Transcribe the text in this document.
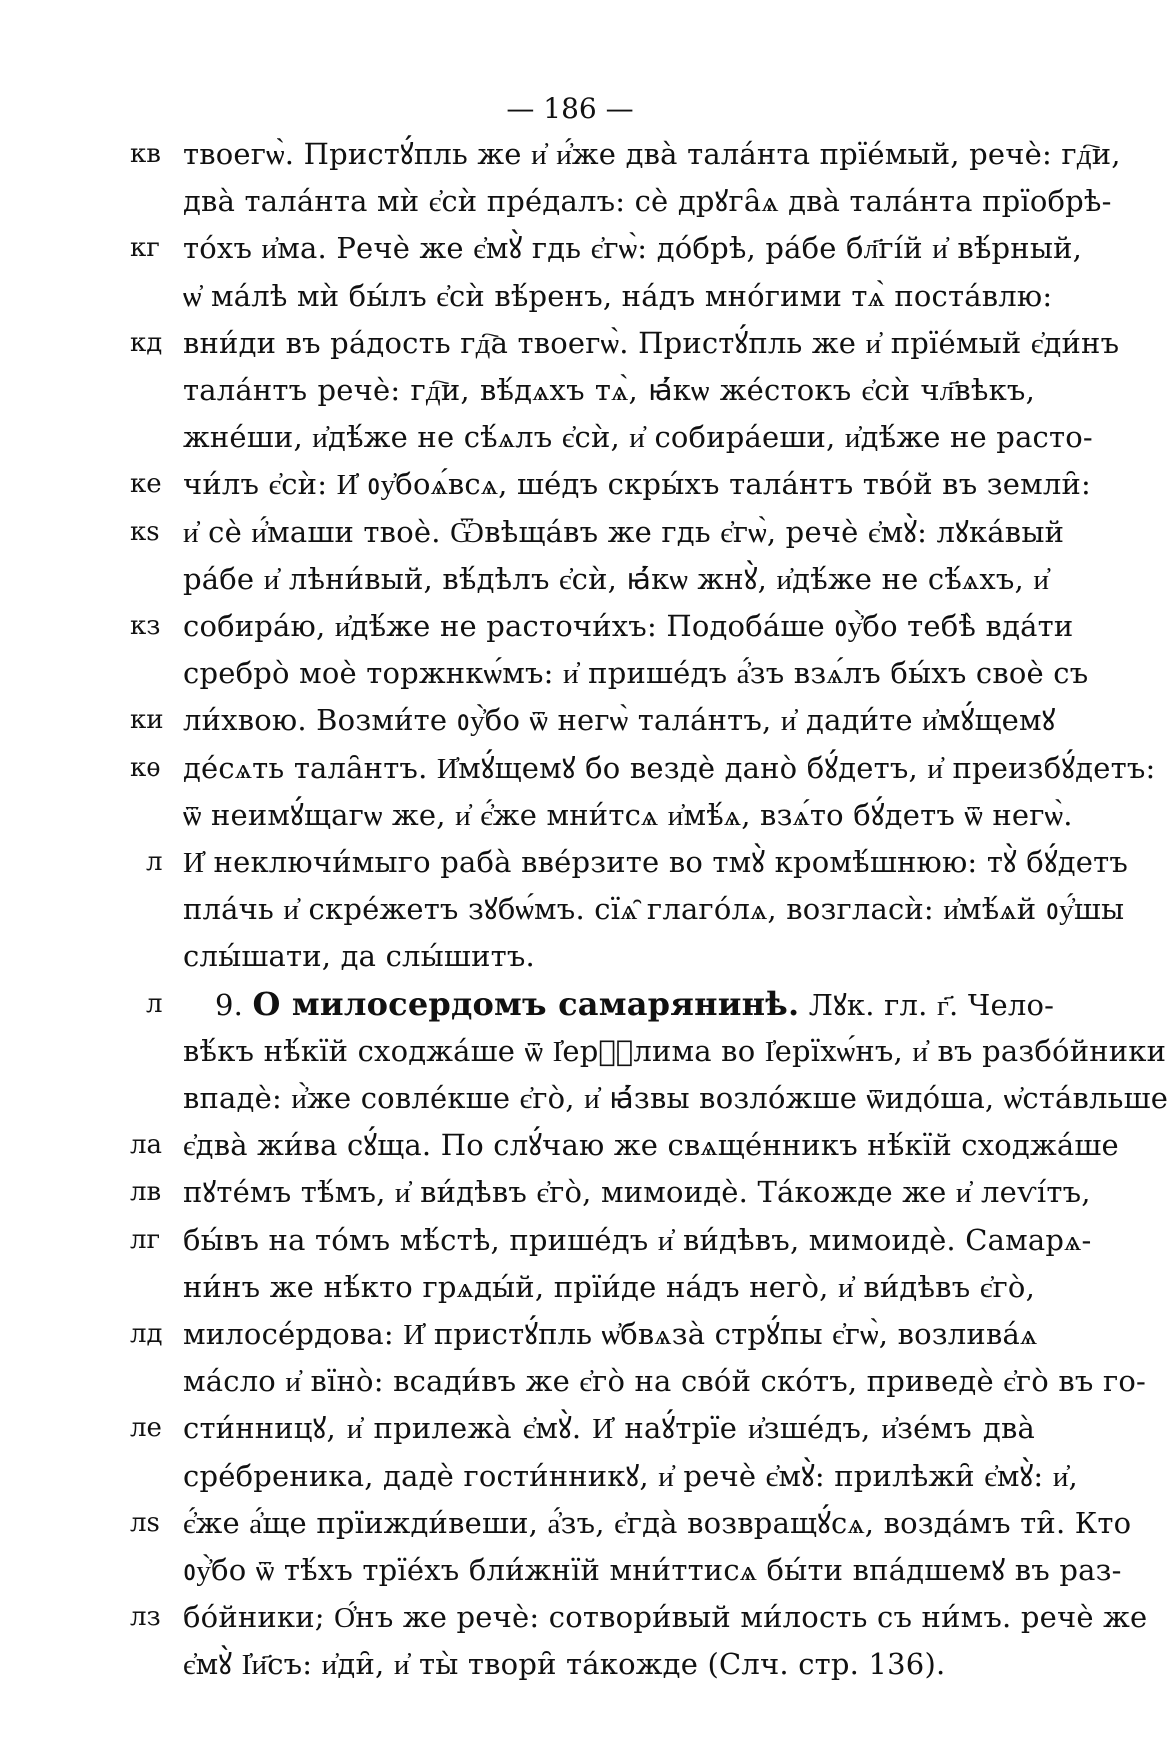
— 186 —
кв твоегѡ̀. Пристꙋ́пль же и҆ и҆́же два̀ тала́нта прїе́мый, речѐ: гд҇и,
два̀ тала́нта мѝ є҆сѝ пре́далъ: сѐ дрꙋга̑ѧ два̀ тала́нта прїобрѣ-
кг то́хъ и҆ма. Речѐ же є҆мꙋ̀ гдь є҆гѡ̀: до́брѣ, ра́бе бл҃гі́й и҆ вѣ́рный,
ѡ҆ ма́лѣ мѝ бы́лъ є҆сѝ вѣ́ренъ, на́дъ мно́гими тѧ̀ поста́влю:
кд вни́ди въ ра́дость гд҇а твоегѡ̀. Пристꙋ́пль же и҆ прїе́мый є҆ди́нъ
тала́нтъ речѐ: гд҇и, вѣ́дѧхъ тѧ̀, ꙗ҆́кѡ же́стокъ є҆сѝ чл҃вѣкъ,
жне́ши, и҆дѣ́же не сѣ́ѧлъ є҆сѝ, и҆ собира́еши, и҆дѣ́же не расто-
ке чи́лъ є҆сѝ: И҆ ᲂу҆боѧ́всѧ, ше́дъ скры́хъ тала́нтъ тво́й въ земли̑:
кѕ и҆ сѐ и҆́маши твоѐ. Ѿвѣща́въ же гдь є҆гѡ̀, речѐ є҆мꙋ̀: лꙋка́вый
ра́бе и҆ лѣни́вый, вѣ́дѣлъ є҆сѝ, ꙗ҆́кѡ жнꙋ̀, и҆дѣ́же не сѣ́ѧхъ, и҆
кз собира́ю, и҆дѣ́же не расточи́хъ: Подоба́ше ᲂу҆̀бо тебѣ̀ вда́ти
сребро̀ моѐ торжнкѡ́мъ: и҆ прише́дъ а҆́зъ взѧ́лъ бы́хъ своѐ съ
ки ли́хвою. Возми́те ᲂу҆̀бо ѿ негѡ̀ тала́нтъ, и҆ дади́те и҆мꙋ́щемꙋ
кѳ де́сѧть тала̑нтъ. И҆мꙋ́щемꙋ бо вездѐ дано̀ бꙋ́детъ, и҆ преизбꙋ́детъ:
ѿ неимꙋ́щагѡ же, и҆ є҆́же мни́тсѧ и҆мѣ́ѧ, взѧ́то бꙋ́детъ ѿ негѡ̀.
л И҆ неключи́мыго раба̀ вве́рзите во тмꙋ̀ кромѣ́шнюю: тꙋ̀ бꙋ́детъ
пла́чь и҆ скре́жетъ зꙋбѡ́мъ. сїѧ̑ глаго́лѧ, возгласѝ: и҆мѣ́ѧй ᲂу҆́шы
слы́шати, да слы́шитъ.
л	9. О милосердомъ самарянинѣ. Лꙋк. гл. г҃. Чело-
вѣ́къ нѣ́кїй сходжа́ше ѿ І҆ерⷭ҇лима во І҆ерїхѡ́нъ, и҆ въ разбо́йники
впадѐ: и҆̀же совле́кше є҆го̀, и҆ ꙗ҆́звы возло́жше ѿидо́ша, ѡ҆ста́вльше
ла є҆два̀ жи́ва сꙋ́ща. По слꙋ́чаю же свѧще́нникъ нѣ́кїй сходжа́ше
лв пꙋте́мъ тѣ́мъ, и҆ ви́дѣвъ є҆го̀, мимоидѐ. Та́кожде же и҆ леѵі́тъ,
лг бы́въ на то́мъ мѣ́стѣ, прише́дъ и҆ ви́дѣвъ, мимоидѐ. Самарѧ-
ни́нъ же нѣ́кто грѧды́й, прїи́де на́дъ него̀, и҆ ви́дѣвъ є҆го̀,
лд милосе́рдова: И҆ пристꙋ́пль ѡ҆бвѧза̀ стрꙋ́пы є҆гѡ̀, возлива́ѧ
ма́сло и҆ вїно̀: всади́въ же є҆го̀ на сво́й ско́тъ, приведѐ є҆го̀ въ го-
ле сти́нницꙋ, и҆ прилежа̀ є҆мꙋ̀. И҆ наꙋ́трїе и҆зше́дъ, и҆зе́мъ два̀
сре́бреника, дадѐ гости́нникꙋ, и҆ речѐ є҆мꙋ̀: прилѣжи̑ є҆мꙋ̀: и҆,
лѕ є҆́же а҆́ще прїижди́веши, а҆́зъ, є҆гда̀ возвращꙋ́сѧ, возда́мъ ти̑. Кто
ᲂу҆̀бо ѿ тѣ́хъ трїе́хъ бли́жнїй мни́ттисѧ бы́ти впа́дшемꙋ въ раз-
лз бо́йники; О҆́нъ же речѐ: сотвори́вый ми́лость съ ни́мъ. речѐ же
є҆мꙋ̀ І҆и҃съ: и҆ди̑, и҆ ты̀ твори̑ та́кожде (Слч. стр. 136).
